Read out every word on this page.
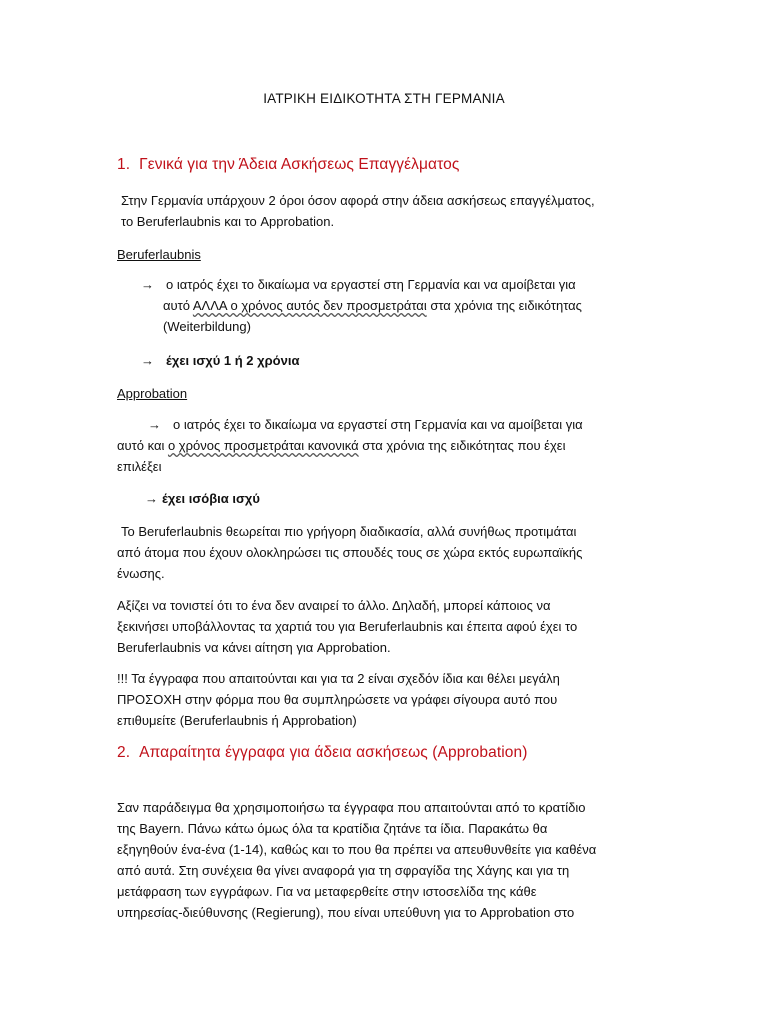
ΙΑΤΡΙΚΗ ΕΙΔΙΚΟΤΗΤΑ ΣΤΗ ΓΕΡΜΑΝΙΑ
1. Γενικά για την Άδεια Ασκήσεως Επαγγέλματος
Στην Γερμανία υπάρχουν 2 όροι όσον αφορά στην άδεια ασκήσεως επαγγέλματος,
το Beruferlaubnis και το Approbation.
Beruferlaubnis
→ ο ιατρός έχει το δικαίωμα να εργαστεί στη Γερμανία και να αμοίβεται για
αυτό ΑΛΛΑ ο χρόνος αυτός δεν προσμετράται στα χρόνια της ειδικότητας
(Weiterbildung)
→ έχει ισχύ 1 ή 2 χρόνια
Approbation
→ ο ιατρός έχει το δικαίωμα να εργαστεί στη Γερμανία και να αμοίβεται για
αυτό και ο χρόνος προσμετράται κανονικά στα χρόνια της ειδικότητας που έχει
επιλέξει
→ έχει ισόβια ισχύ
Το Beruferlaubnis θεωρείται πιο γρήγορη διαδικασία, αλλά συνήθως προτιμάται
από άτομα που έχουν ολοκληρώσει τις σπουδές τους σε χώρα εκτός ευρωπαϊκής
ένωσης.
Αξίζει να τονιστεί ότι το ένα δεν αναιρεί το άλλο. Δηλαδή, μπορεί κάποιος να
ξεκινήσει υποβάλλοντας τα χαρτιά του για Beruferlaubnis και έπειτα αφού έχει το
Beruferlaubnis να κάνει αίτηση για Approbation.
!!! Τα έγγραφα που απαιτούνται και για τα 2 είναι σχεδόν ίδια και θέλει μεγάλη
ΠΡΟΣΟΧΗ στην φόρμα που θα συμπληρώσετε να γράφει σίγουρα αυτό που
επιθυμείτε (Beruferlaubnis ή Approbation)
2. Απαραίτητα έγγραφα για άδεια ασκήσεως (Approbation)
Σαν παράδειγμα θα χρησιμοποιήσω τα έγγραφα που απαιτούνται από το κρατίδιο
της Bayern. Πάνω κάτω όμως όλα τα κρατίδια ζητάνε τα ίδια. Παρακάτω θα
εξηγηθούν ένα-ένα (1-14), καθώς και το που θα πρέπει να απευθυνθείτε για καθένα
από αυτά. Στη συνέχεια θα γίνει αναφορά για τη σφραγίδα της Χάγης και για τη
μετάφραση των εγγράφων. Για να μεταφερθείτε στην ιστοσελίδα της κάθε
υπηρεσίας-διεύθυνσης (Regierung), που είναι υπεύθυνη για το Approbation στο
